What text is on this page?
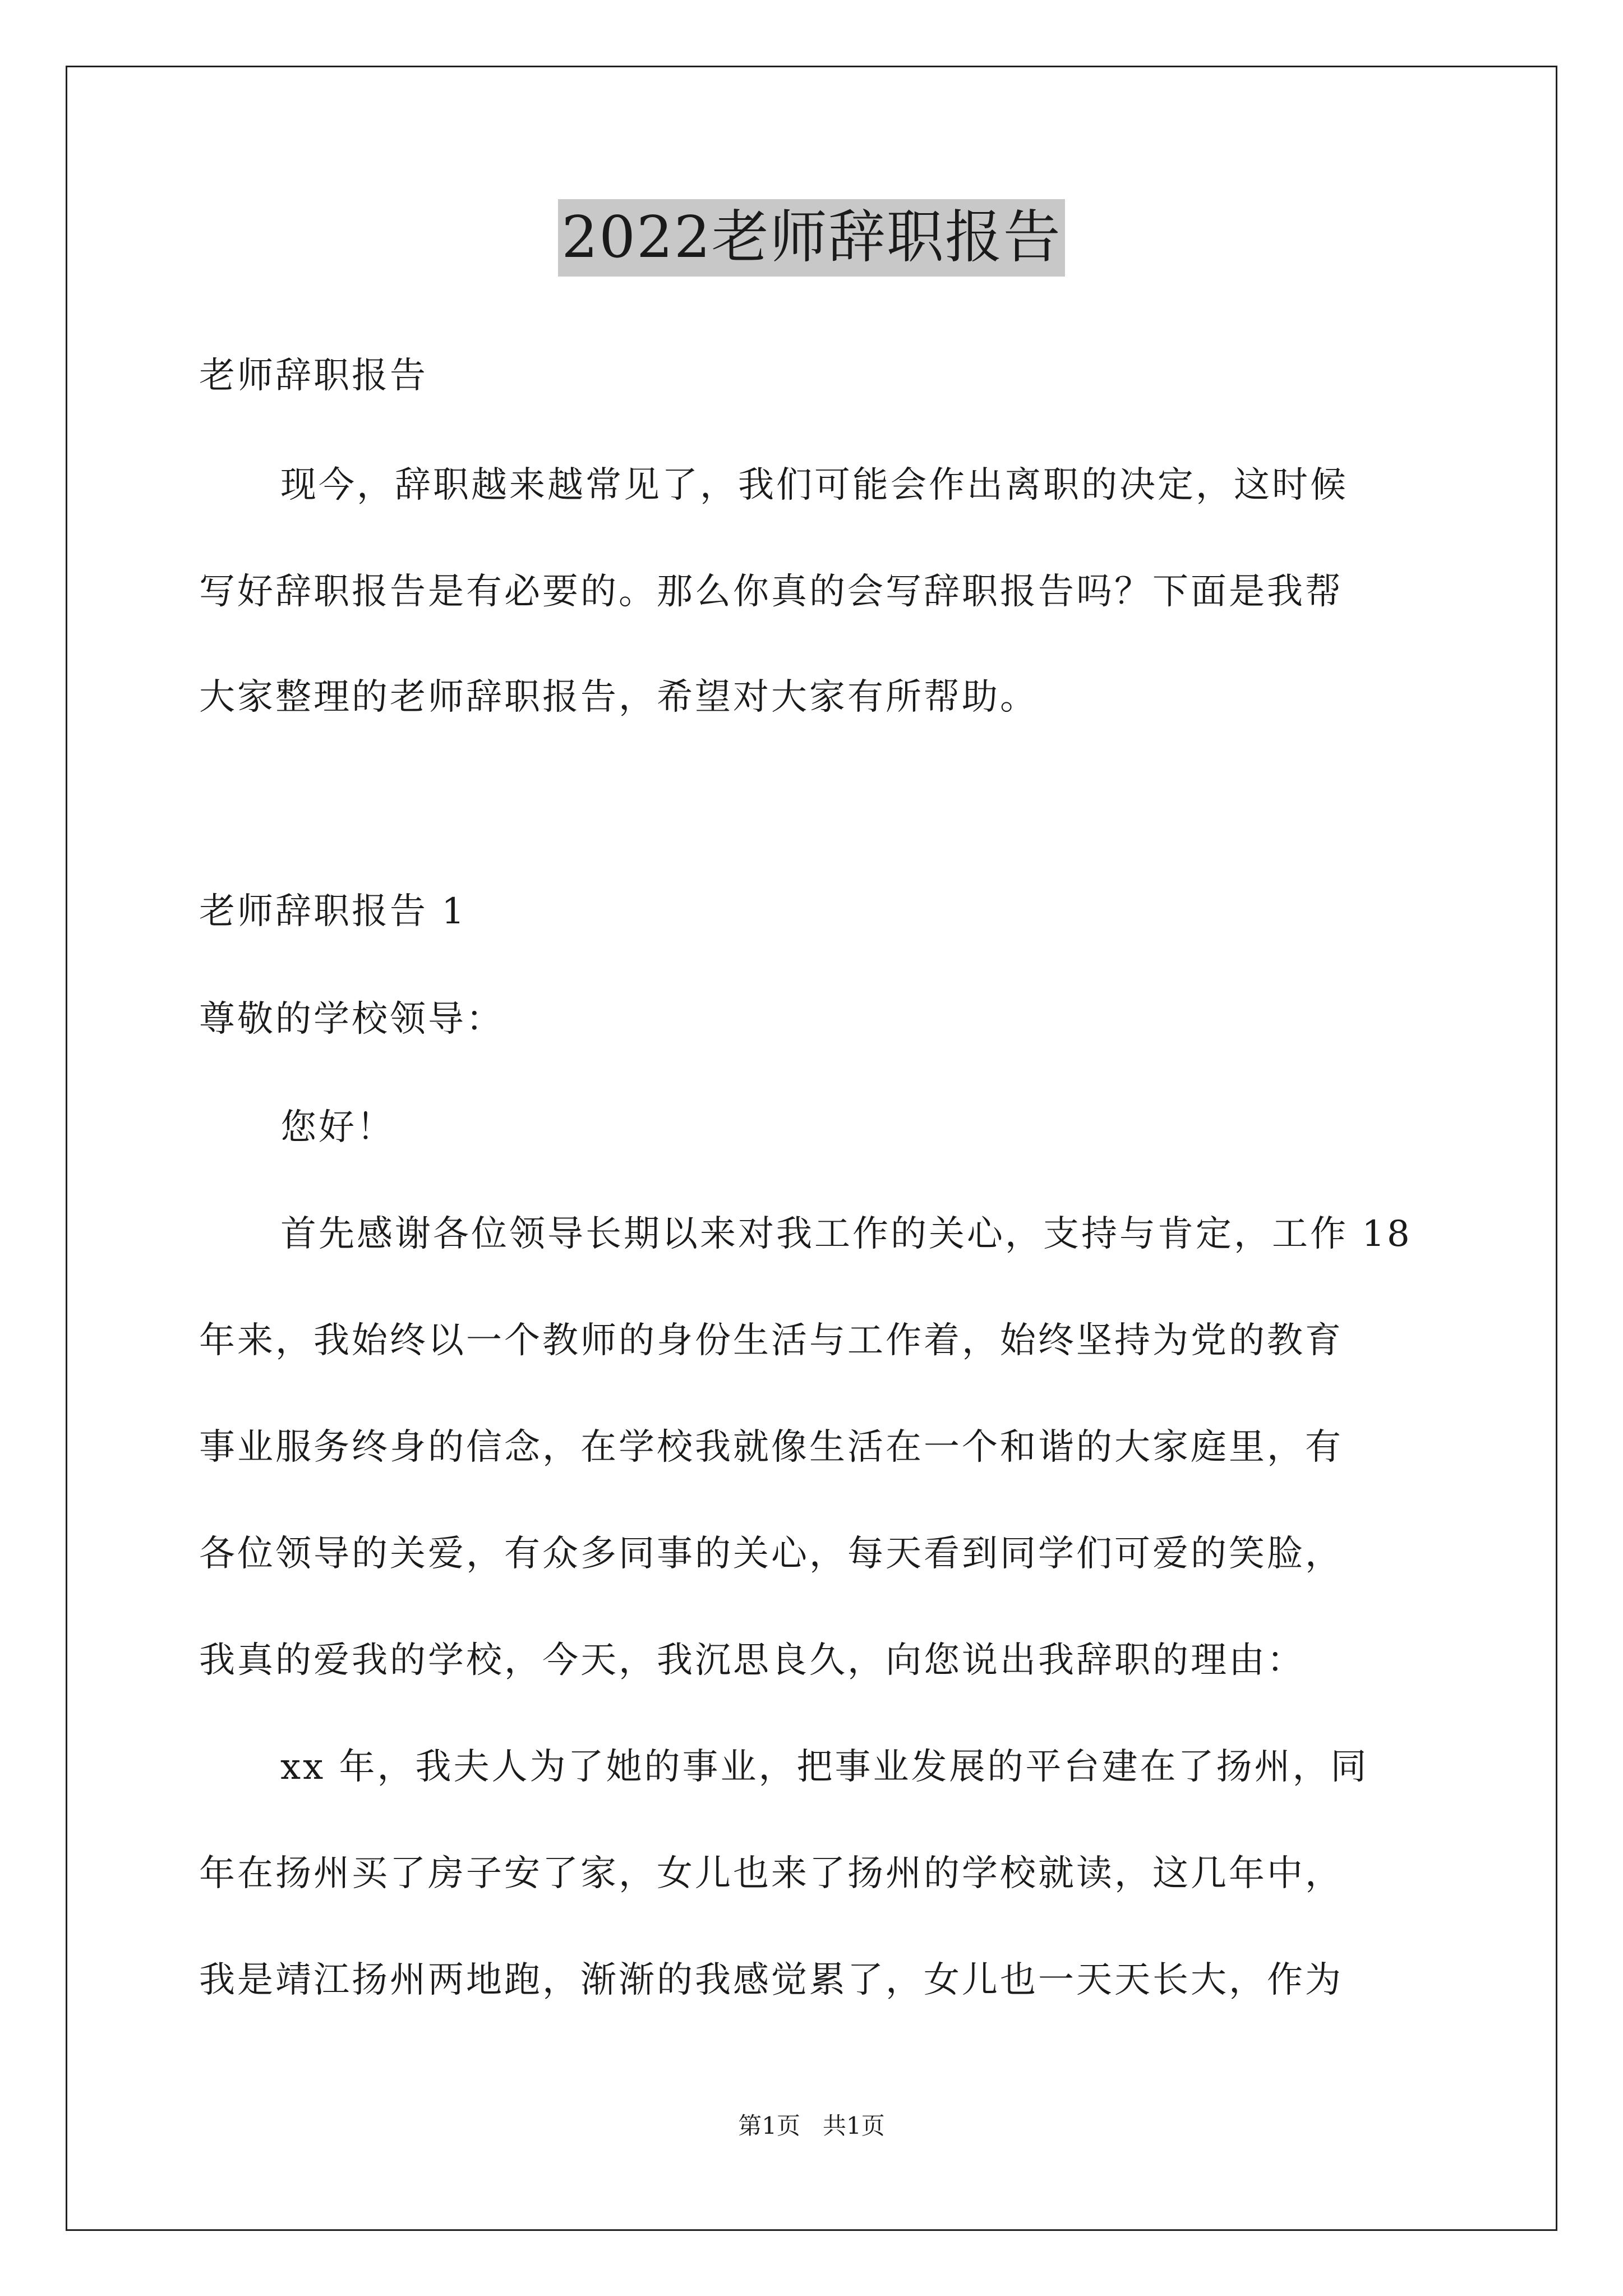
2022老师辞职报告
老师辞职报告
现今，辞职越来越常见了，我们可能会作出离职的决定，这时候
写好辞职报告是有必要的。那么你真的会写辞职报告吗？下面是我帮
大家整理的老师辞职报告，希望对大家有所帮助。
老师辞职报告 1
尊敬的学校领导：
您好！
首先感谢各位领导长期以来对我工作的关心，支持与肯定，工作 18
年来，我始终以一个教师的身份生活与工作着，始终坚持为党的教育
事业服务终身的信念，在学校我就像生活在一个和谐的大家庭里，有
各位领导的关爱，有众多同事的关心，每天看到同学们可爱的笑脸，
我真的爱我的学校，今天，我沉思良久，向您说出我辞职的理由：
xx 年，我夫人为了她的事业，把事业发展的平台建在了扬州，同
年在扬州买了房子安了家，女儿也来了扬州的学校就读，这几年中，
我是靖江扬州两地跑，渐渐的我感觉累了，女儿也一天天长大，作为
第1页   共1页
